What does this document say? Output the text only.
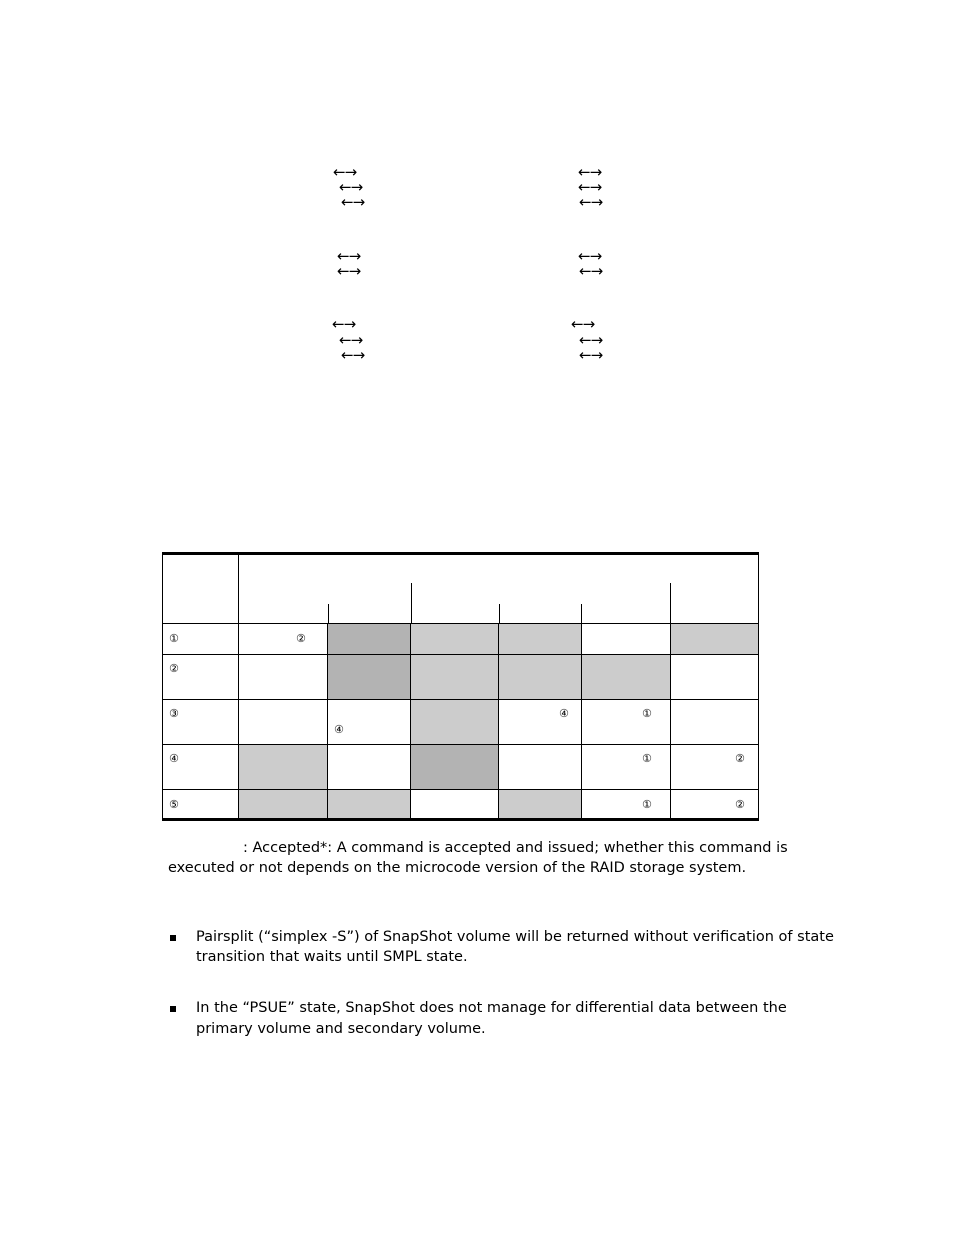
←→	←→
←→	←→
←→	←→
←→	←→
←→	←→
←→	←→
←→	←→
←→	←→

①	②					

②						

③		④		④	①	

④					①	②

⑤					①	②
: Accepted*: A command is accepted and issued; whether this command is
executed or not depends on the microcode version of the RAID storage system.
Pairsplit (“simplex -S”) of SnapShot volume will be returned without verification of state
transition that waits until SMPL state.
In the “PSUE” state, SnapShot does not manage for differential data between the
primary volume and secondary volume.
